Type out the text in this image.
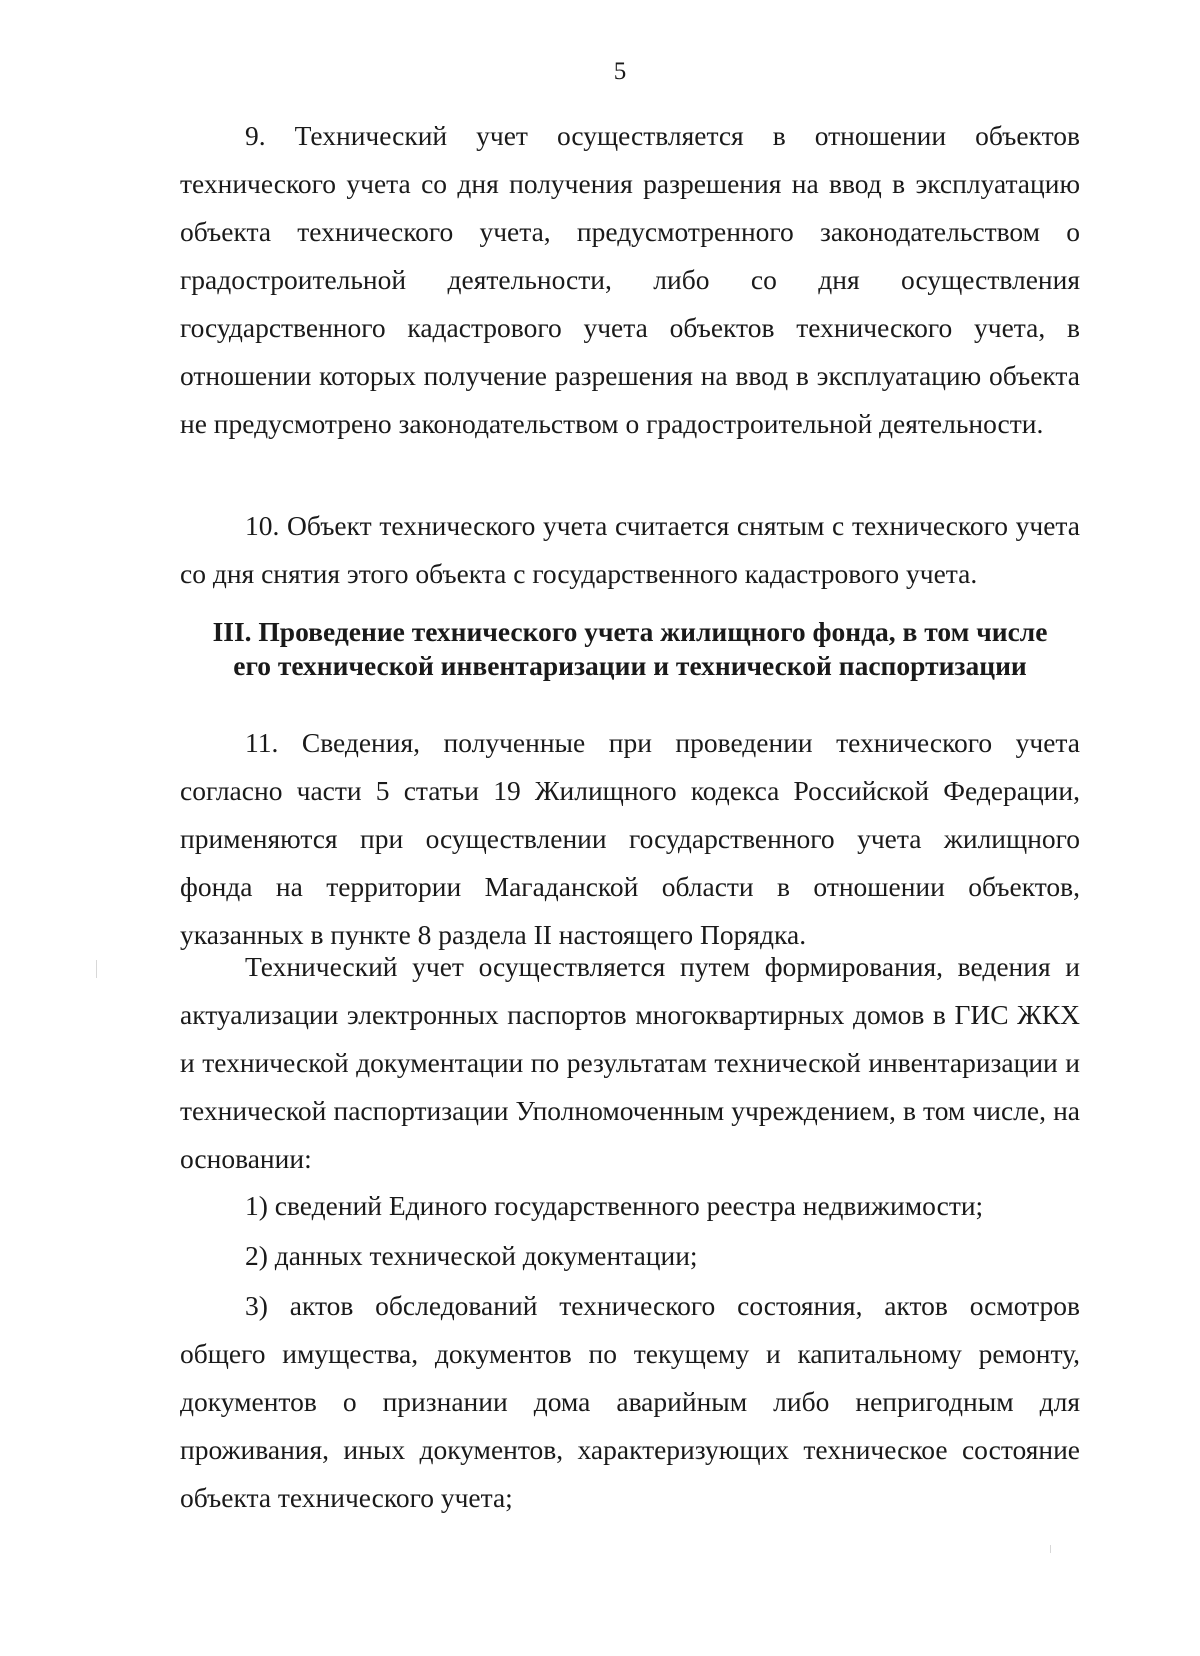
5

9. Технический учет осуществляется в отношении объектов технического учета со дня получения разрешения на ввод в эксплуатацию объекта технического учета, предусмотренного законодательством о градостроительной деятельности, либо со дня осуществления государственного кадастрового учета объектов технического учета, в отношении которых получение разрешения на ввод в эксплуатацию объекта не предусмотрено законодательством о градостроительной деятельности.

10. Объект технического учета считается снятым с технического учета со дня снятия этого объекта с государственного кадастрового учета.

III. Проведение технического учета жилищного фонда, в том числе
его технической инвентаризации и технической паспортизации

11. Сведения, полученные при проведении технического учета согласно части 5 статьи 19 Жилищного кодекса Российской Федерации, применяются при осуществлении государственного учета жилищного фонда на территории Магаданской области в отношении объектов, указанных в пункте 8 раздела II настоящего Порядка.

Технический учет осуществляется путем формирования, ведения и актуализации электронных паспортов многоквартирных домов в ГИС ЖКХ и технической документации по результатам технической инвентаризации и технической паспортизации Уполномоченным учреждением, в том числе, на основании:

1) сведений Единого государственного реестра недвижимости;

2) данных технической документации;

3) актов обследований технического состояния, актов осмотров общего имущества, документов по текущему и капитальному ремонту, документов о признании дома аварийным либо непригодным для проживания, иных документов, характеризующих техническое состояние объекта технического учета;
